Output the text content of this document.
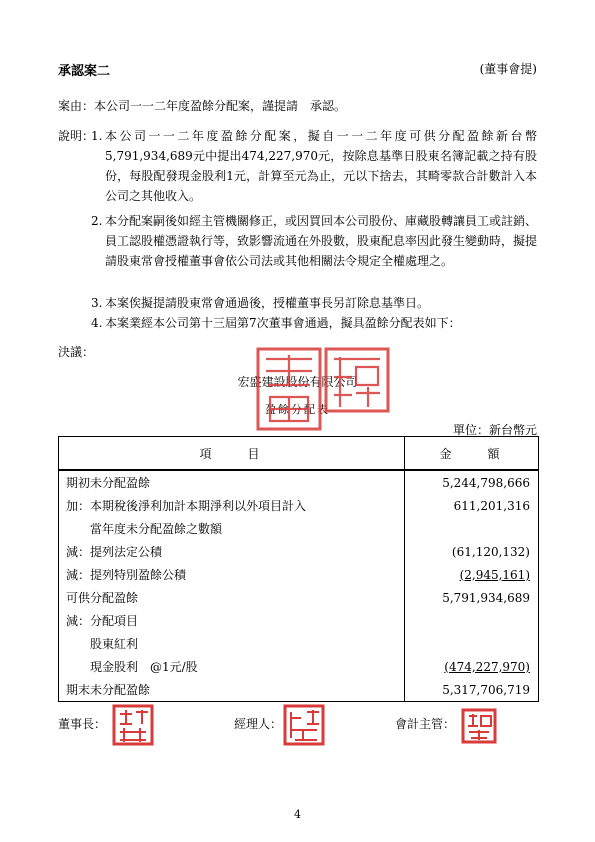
承認案二	(董事會提)
案由：本公司一一二年度盈餘分配案，謹提請　承認。
說明：
1. 本公司一一二年度盈餘分配案，擬自一一二年度可供分配盈餘新台幣5,791,934,689元中提出474,227,970元，按除息基準日股東名簿記載之持有股份，每股配發現金股利1元，計算至元為止，元以下捨去，其畸零款合計數計入本公司之其他收入。
2. 本分配案嗣後如經主管機關修正，或因買回本公司股份、庫藏股轉讓員工或註銷、員工認股權憑證執行等，致影響流通在外股數，股東配息率因此發生變動時，擬提請股東常會授權董事會依公司法或其他相關法令規定全權處理之。
3. 本案俟擬提請股東常會通過後，授權董事長另訂除息基準日。
4. 本案業經本公司第十三屆第7次董事會通過，擬具盈餘分配表如下：
決議：
宏盛建設股份有限公司
盈餘分配表
單位：新台幣元
項　　目	金　　額
期初未分配盈餘	5,244,798,666
加：本期稅後淨利加計本期淨利以外項目計入	611,201,316
當年度未分配盈餘之數額	
減：提列法定公積	(61,120,132)
減：提列特別盈餘公積	(2,945,161)
可供分配盈餘	5,791,934,689
減：分配項目	
股東紅利	
現金股利　@1元/股	(474,227,970)
期末未分配盈餘	5,317,706,719
董事長：	經理人：	會計主管：
4
